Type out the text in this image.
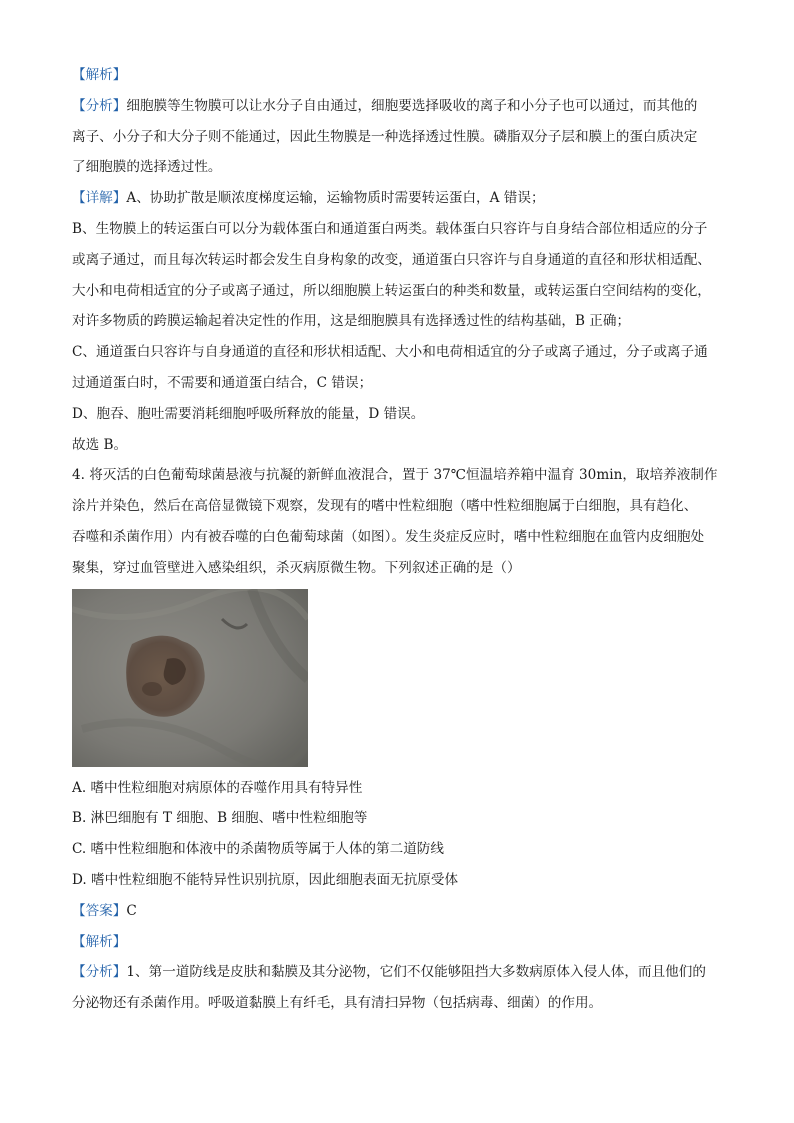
【解析】
【分析】细胞膜等生物膜可以让水分子自由通过，细胞要选择吸收的离子和小分子也可以通过，而其他的
离子、小分子和大分子则不能通过，因此生物膜是一种选择透过性膜。磷脂双分子层和膜上的蛋白质决定
了细胞膜的选择透过性。
【详解】A、协助扩散是顺浓度梯度运输，运输物质时需要转运蛋白，A 错误；
B、生物膜上的转运蛋白可以分为载体蛋白和通道蛋白两类。载体蛋白只容许与自身结合部位相适应的分子
或离子通过，而且每次转运时都会发生自身构象的改变，通道蛋白只容许与自身通道的直径和形状相适配、
大小和电荷相适宜的分子或离子通过，所以细胞膜上转运蛋白的种类和数量，或转运蛋白空间结构的变化，
对许多物质的跨膜运输起着决定性的作用，这是细胞膜具有选择透过性的结构基础，B 正确；
C、通道蛋白只容许与自身通道的直径和形状相适配、大小和电荷相适宜的分子或离子通过，分子或离子通
过通道蛋白时，不需要和通道蛋白结合，C 错误；
D、胞吞、胞吐需要消耗细胞呼吸所释放的能量，D 错误。
故选 B。
4. 将灭活的白色葡萄球菌悬液与抗凝的新鲜血液混合，置于 37℃恒温培养箱中温育 30min，取培养液制作
涂片并染色，然后在高倍显微镜下观察，发现有的嗜中性粒细胞（嗜中性粒细胞属于白细胞，具有趋化、
吞噬和杀菌作用）内有被吞噬的白色葡萄球菌（如图）。发生炎症反应时，嗜中性粒细胞在血管内皮细胞处
聚集，穿过血管壁进入感染组织，杀灭病原微生物。下列叙述正确的是（）
A. 嗜中性粒细胞对病原体的吞噬作用具有特异性
B. 淋巴细胞有 T 细胞、B 细胞、嗜中性粒细胞等
C. 嗜中性粒细胞和体液中的杀菌物质等属于人体的第二道防线
D. 嗜中性粒细胞不能特异性识别抗原，因此细胞表面无抗原受体
【答案】C
【解析】
【分析】1、第一道防线是皮肤和黏膜及其分泌物，它们不仅能够阻挡大多数病原体入侵人体，而且他们的
分泌物还有杀菌作用。呼吸道黏膜上有纤毛，具有清扫异物（包括病毒、细菌）的作用。
